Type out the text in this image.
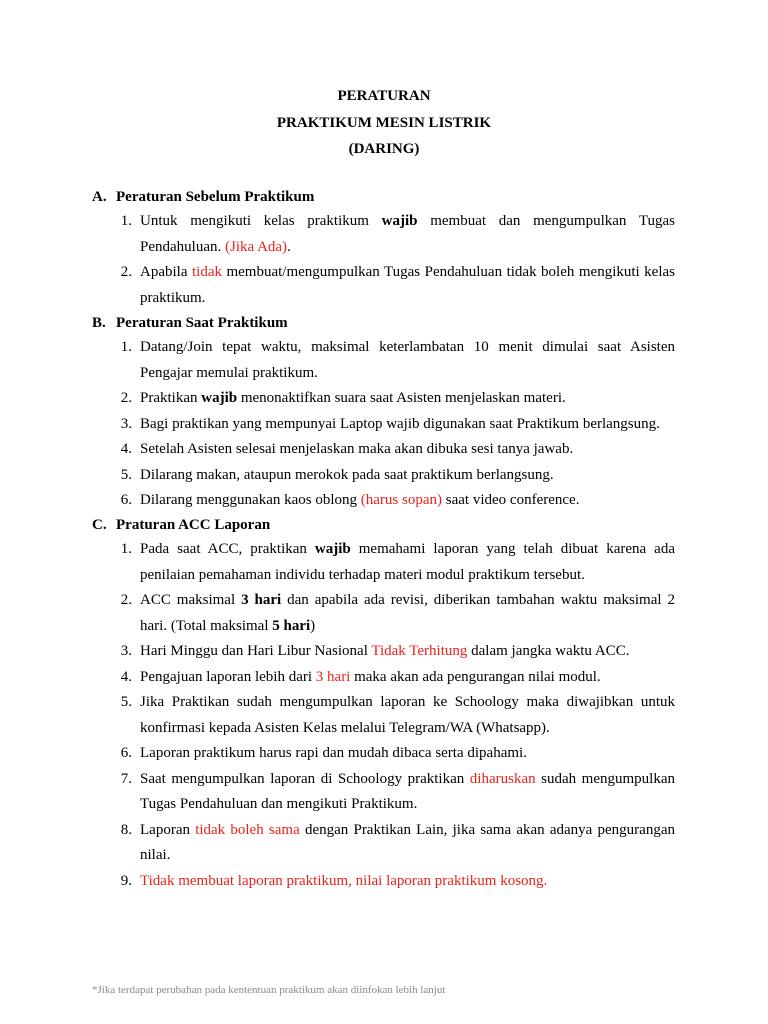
PERATURAN
PRAKTIKUM MESIN LISTRIK
(DARING)
A. Peraturan Sebelum Praktikum
1. Untuk mengikuti kelas praktikum wajib membuat dan mengumpulkan Tugas Pendahuluan. (Jika Ada).
2. Apabila tidak membuat/mengumpulkan Tugas Pendahuluan tidak boleh mengikuti kelas praktikum.
B. Peraturan Saat Praktikum
1. Datang/Join tepat waktu, maksimal keterlambatan 10 menit dimulai saat Asisten Pengajar memulai praktikum.
2. Praktikan wajib menonaktifkan suara saat Asisten menjelaskan materi.
3. Bagi praktikan yang mempunyai Laptop wajib digunakan saat Praktikum berlangsung.
4. Setelah Asisten selesai menjelaskan maka akan dibuka sesi tanya jawab.
5. Dilarang makan, ataupun merokok pada saat praktikum berlangsung.
6. Dilarang menggunakan kaos oblong (harus sopan) saat video conference.
C. Praturan ACC Laporan
1. Pada saat ACC, praktikan wajib memahami laporan yang telah dibuat karena ada penilaian pemahaman individu terhadap materi modul praktikum tersebut.
2. ACC maksimal 3 hari dan apabila ada revisi, diberikan tambahan waktu maksimal 2 hari. (Total maksimal 5 hari)
3. Hari Minggu dan Hari Libur Nasional Tidak Terhitung dalam jangka waktu ACC.
4. Pengajuan laporan lebih dari 3 hari maka akan ada pengurangan nilai modul.
5. Jika Praktikan sudah mengumpulkan laporan ke Schoology maka diwajibkan untuk konfirmasi kepada Asisten Kelas melalui Telegram/WA (Whatsapp).
6. Laporan praktikum harus rapi dan mudah dibaca serta dipahami.
7. Saat mengumpulkan laporan di Schoology praktikan diharuskan sudah mengumpulkan Tugas Pendahuluan dan mengikuti Praktikum.
8. Laporan tidak boleh sama dengan Praktikan Lain, jika sama akan adanya pengurangan nilai.
9. Tidak membuat laporan praktikum, nilai laporan praktikum kosong.
*Jika terdapat perubahan pada kententuan praktikum akan diinfokan lebih lanjut
